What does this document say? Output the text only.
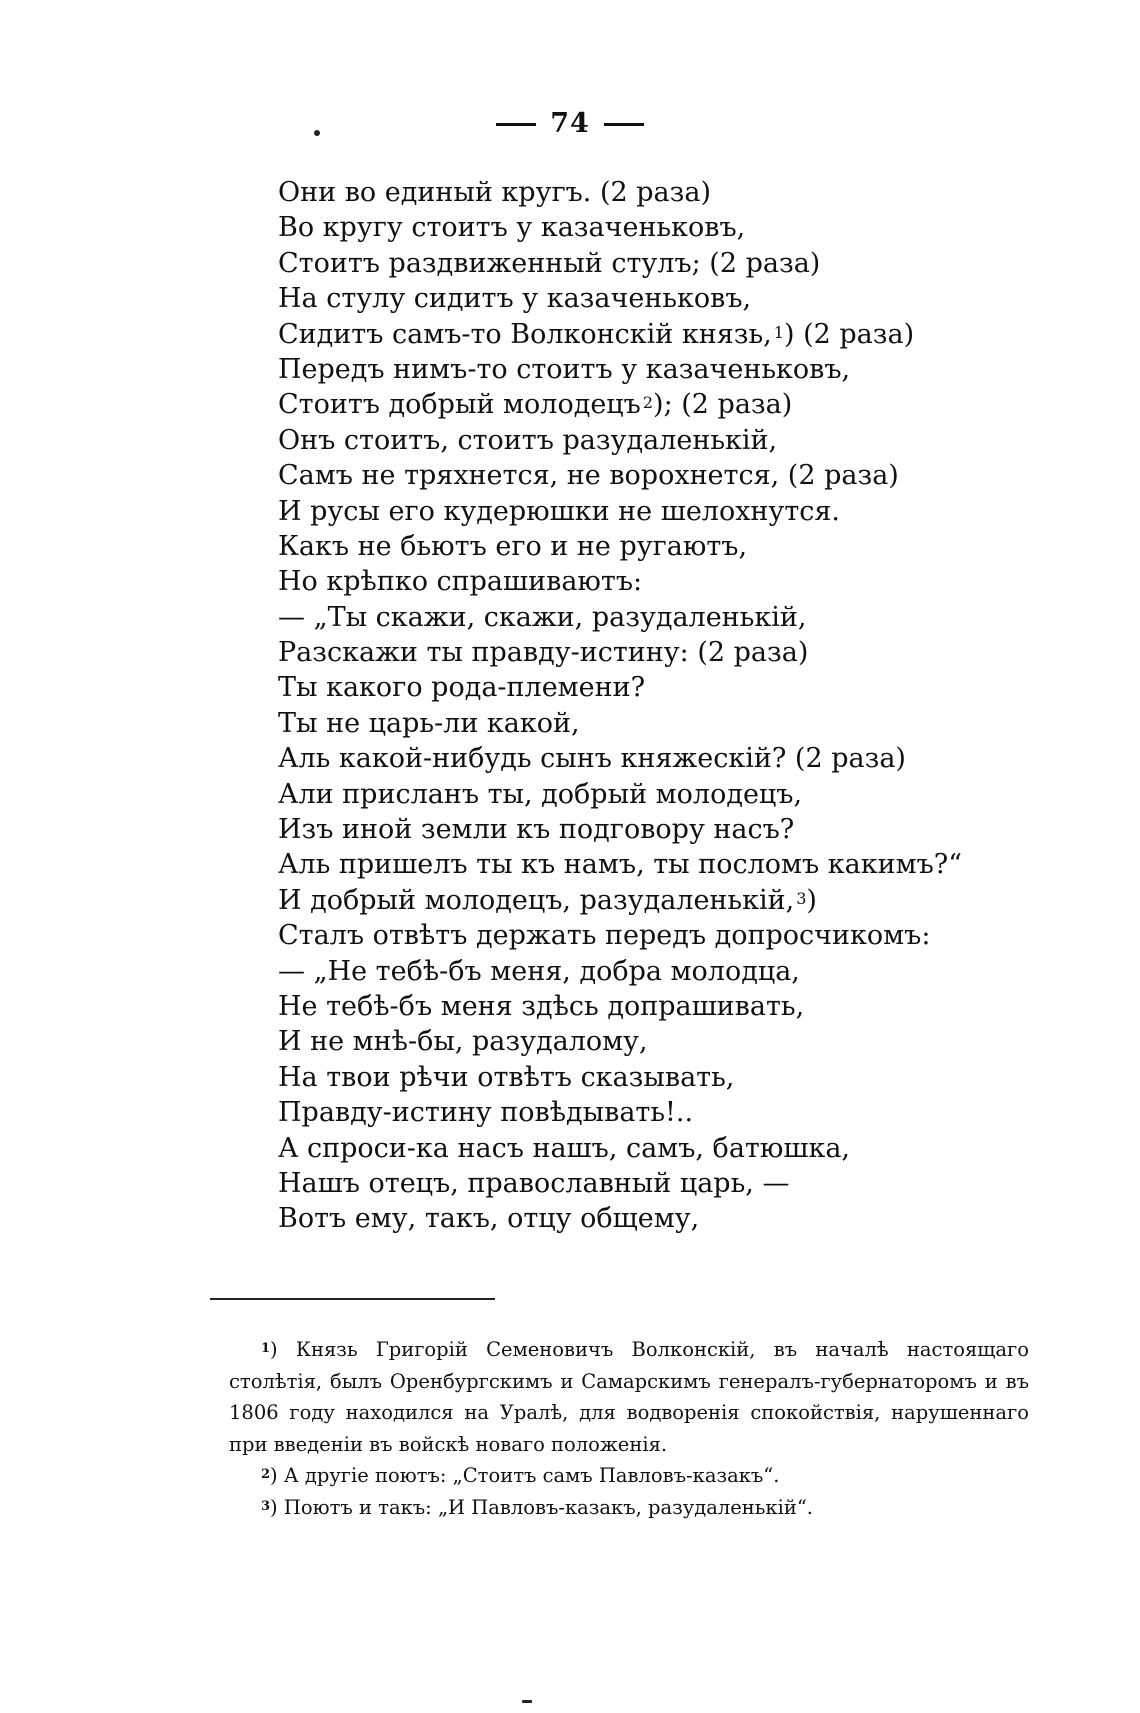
74
Они во единый кругъ. (2 раза)
Во кругу стоитъ у казаченьковъ,
Стоитъ раздвиженный стулъ; (2 раза)
На стулу сидитъ у казаченьковъ,
Сидитъ самъ-то Волконскій князь, $^1$) (2 раза)
Передъ нимъ-то стоитъ у казаченьковъ,
Стоитъ добрый молодецъ $^2$); (2 раза)
Онъ стоитъ, стоитъ разудаленькій,
Самъ не тряхнется, не ворохнется, (2 раза)
И русы его кудерюшки не шелохнутся.
Какъ не бьютъ его и не ругаютъ,
Но крѣпко спрашиваютъ:
— „Ты скажи, скажи, разудаленькій,
Разскажи ты правду-истину: (2 раза)
Ты какого рода-племени?
Ты не царь-ли какой,
Аль какой-нибудь сынъ княжескій? (2 раза)
Али присланъ ты, добрый молодецъ,
Изъ иной земли къ подговору насъ?
Аль пришелъ ты къ намъ, ты посломъ какимъ?“
И добрый молодецъ, разудаленькій, $^3$)
Сталъ отвѣтъ держать передъ допросчикомъ:
— „Не тебѣ-бъ меня, добра молодца,
Не тебѣ-бъ меня здѣсь допрашивать,
И не мнѣ-бы, разудалому,
На твои рѣчи отвѣтъ сказывать,
Правду-истину повѣдывать!..
А спроси-ка насъ нашъ, самъ, батюшка,
Нашъ отецъ, православный царь, —
Вотъ ему, такъ, отцу общему,

$^1$) Князь Григорій Семеновичъ Волконскій, въ началѣ настоящаго столѣтія, былъ Оренбургскимъ и Самарскимъ генералъ-губернаторомъ и въ 1806 году находился на Уралѣ, для водворенія спокойствія, нарушеннаго при введеніи въ войскѣ новаго положенія.

$^2$) А другіе поютъ: „Стоитъ самъ Павловъ-казакъ“.

$^3$) Поютъ и такъ: „И Павловъ-казакъ, разудаленькій“.
